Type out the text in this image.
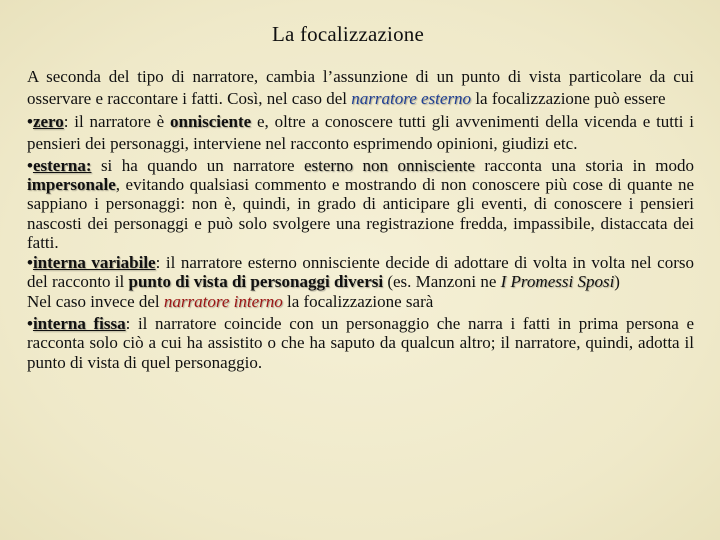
La focalizzazione

A seconda del tipo di narratore, cambia l’assunzione di un punto di vista particolare da cui osservare e raccontare i fatti. Così, nel caso del narratore esterno la focalizzazione può essere

•zero: il narratore è onnisciente e, oltre a conoscere tutti gli avvenimenti della vicenda e tutti i pensieri dei personaggi, interviene nel racconto esprimendo opinioni, giudizi etc.

•esterna: si ha quando un narratore esterno non onnisciente racconta una storia in modo impersonale, evitando qualsiasi commento e mostrando di non conoscere più cose di quante ne sappiano i personaggi: non è, quindi, in grado di anticipare gli eventi, di conoscere i pensieri nascosti dei personaggi e può solo svolgere una registrazione fredda, impassibile, distaccata dei fatti.

•interna variabile: il narratore esterno onnisciente decide di adottare di volta in volta nel corso del racconto il punto di vista di personaggi diversi (es. Manzoni ne I Promessi Sposi)

Nel caso invece del narratore interno la focalizzazione sarà

•interna fissa: il narratore coincide con un personaggio che narra i fatti in prima persona e racconta solo ciò a cui ha assistito o che ha saputo da qualcun altro; il narratore, quindi, adotta il punto di vista di quel personaggio.
